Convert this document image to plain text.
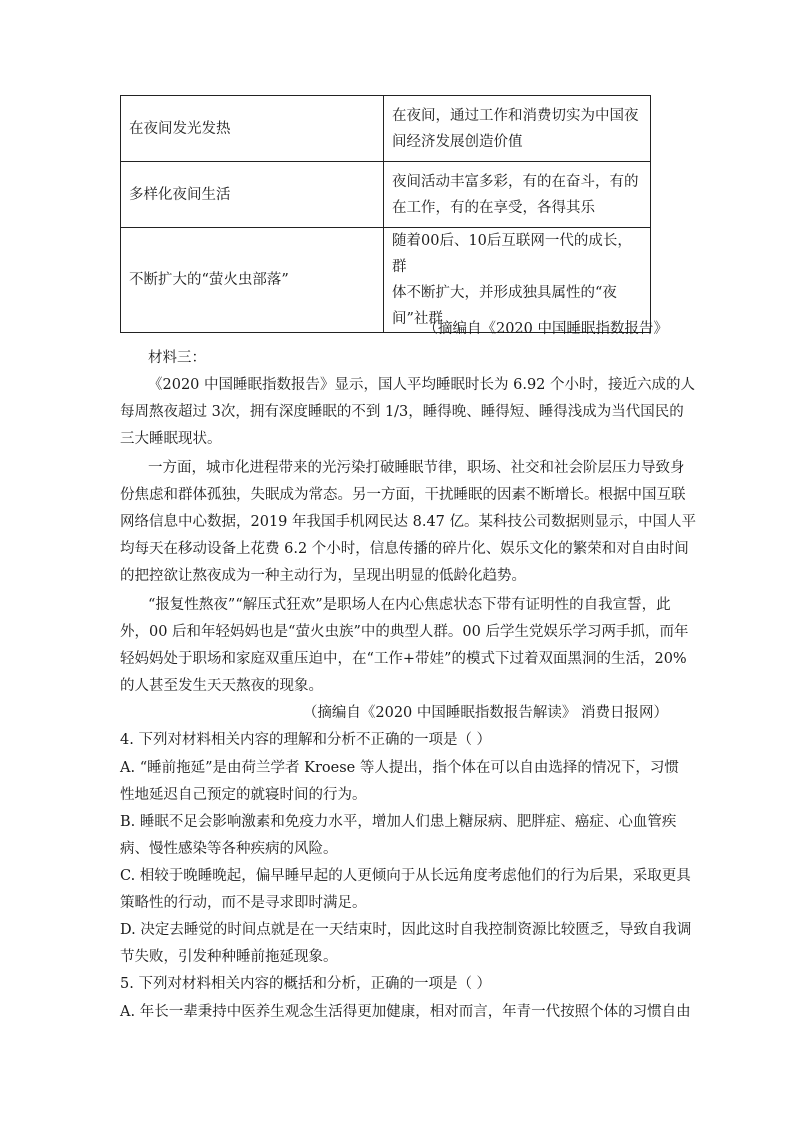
在夜间发光发热	在夜间，通过工作和消费切实为中国夜
间经济发展创造价值

多样化夜间生活	夜间活动丰富多彩，有的在奋斗，有的
在工作，有的在享受，各得其乐

不断扩大的“萤火虫部落”	随着00后、10后互联网一代的成长，群
体不断扩大，并形成独具属性的“夜
间”社群
（摘编自《2020 中国睡眠指数报告》
材料三：
《2020 中国睡眠指数报告》显示，国人平均睡眠时长为 6.92 个小时，接近六成的人
每周熬夜超过 3次，拥有深度睡眠的不到 1/3，睡得晚、睡得短、睡得浅成为当代国民的
三大睡眠现状。
一方面，城市化进程带来的光污染打破睡眠节律，职场、社交和社会阶层压力导致身
份焦虑和群体孤独，失眠成为常态。另一方面，干扰睡眠的因素不断增长。根据中国互联
网络信息中心数据，2019 年我国手机网民达 8.47 亿。某科技公司数据则显示，中国人平
均每天在移动设备上花费 6.2 个小时，信息传播的碎片化、娱乐文化的繁荣和对自由时间
的把控欲让熬夜成为一种主动行为，呈现出明显的低龄化趋势。
“报复性熬夜”“解压式狂欢”是职场人在内心焦虑状态下带有证明性的自我宣誓，此
外，00 后和年轻妈妈也是“萤火虫族”中的典型人群。00 后学生党娱乐学习两手抓，而年
轻妈妈处于职场和家庭双重压迫中，在“工作+带娃”的模式下过着双面黑洞的生活，20%
的人甚至发生天天熬夜的现象。
（摘编自《2020 中国睡眠指数报告解读》 消费日报网）
4. 下列对材料相关内容的理解和分析不正确的一项是（ ）
A. “睡前拖延”是由荷兰学者 Kroese 等人提出，指个体在可以自由选择的情况下，习惯
性地延迟自己预定的就寝时间的行为。
B. 睡眠不足会影响激素和免疫力水平，增加人们患上糖尿病、肥胖症、癌症、心血管疾
病、慢性感染等各种疾病的风险。
C. 相较于晚睡晚起，偏早睡早起的人更倾向于从长远角度考虑他们的行为后果，采取更具
策略性的行动，而不是寻求即时满足。
D. 决定去睡觉的时间点就是在一天结束时，因此这时自我控制资源比较匮乏，导致自我调
节失败，引发种种睡前拖延现象。
5. 下列对材料相关内容的概括和分析，正确的一项是（ ）
A. 年长一辈秉持中医养生观念生活得更加健康，相对而言，年青一代按照个体的习惯自由
